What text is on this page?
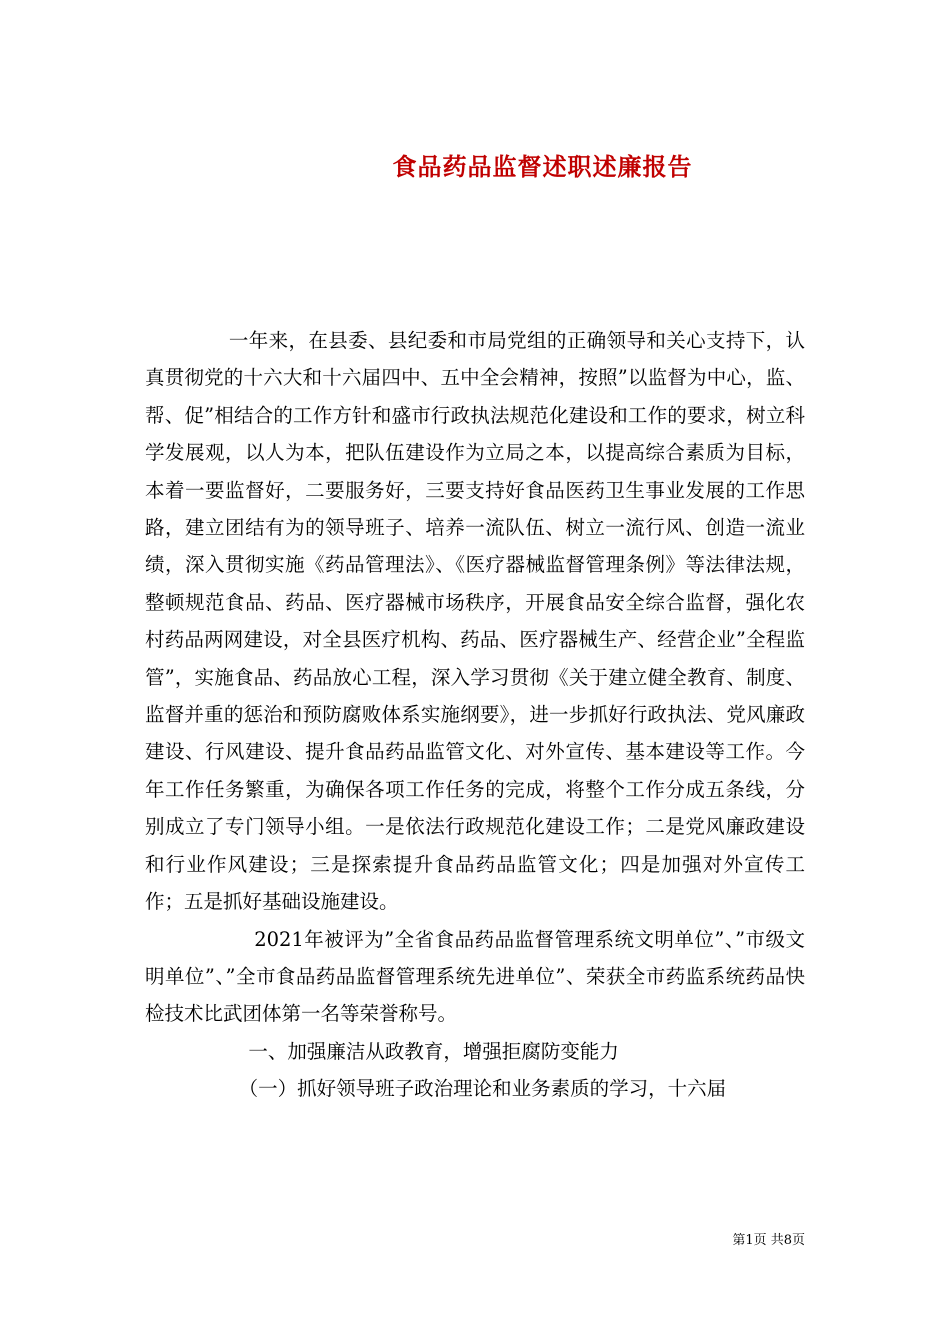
食品药品监督述职述廉报告

一年来，在县委、县纪委和市局党组的正确领导和关心支持下，认真贯彻党的十六大和十六届四中、五中全会精神，按照”以监督为中心，监、帮、促”相结合的工作方针和盛市行政执法规范化建设和工作的要求，树立科学发展观，以人为本，把队伍建设作为立局之本，以提高综合素质为目标，本着一要监督好，二要服务好，三要支持好食品医药卫生事业发展的工作思路，建立团结有为的领导班子、培养一流队伍、树立一流行风、创造一流业绩，深入贯彻实施《药品管理法》、《医疗器械监督管理条例》等法律法规，整顿规范食品、药品、医疗器械市场秩序，开展食品安全综合监督，强化农村药品两网建设，对全县医疗机构、药品、医疗器械生产、经营企业”全程监管”，实施食品、药品放心工程，深入学习贯彻《关于建立健全教育、制度、监督并重的惩治和预防腐败体系实施纲要》，进一步抓好行政执法、党风廉政建设、行风建设、提升食品药品监管文化、对外宣传、基本建设等工作。今年工作任务繁重，为确保各项工作任务的完成，将整个工作分成五条线，分别成立了专门领导小组。一是依法行政规范化建设工作；二是党风廉政建设和行业作风建设；三是探索提升食品药品监管文化；四是加强对外宣传工作；五是抓好基础设施建设。

2021年被评为”全省食品药品监督管理系统文明单位”、”市级文明单位”、”全市食品药品监督管理系统先进单位”、荣获全市药监系统药品快检技术比武团体第一名等荣誉称号。

一、加强廉洁从政教育，增强拒腐防变能力

（一）抓好领导班子政治理论和业务素质的学习，十六届

第1页 共8页
